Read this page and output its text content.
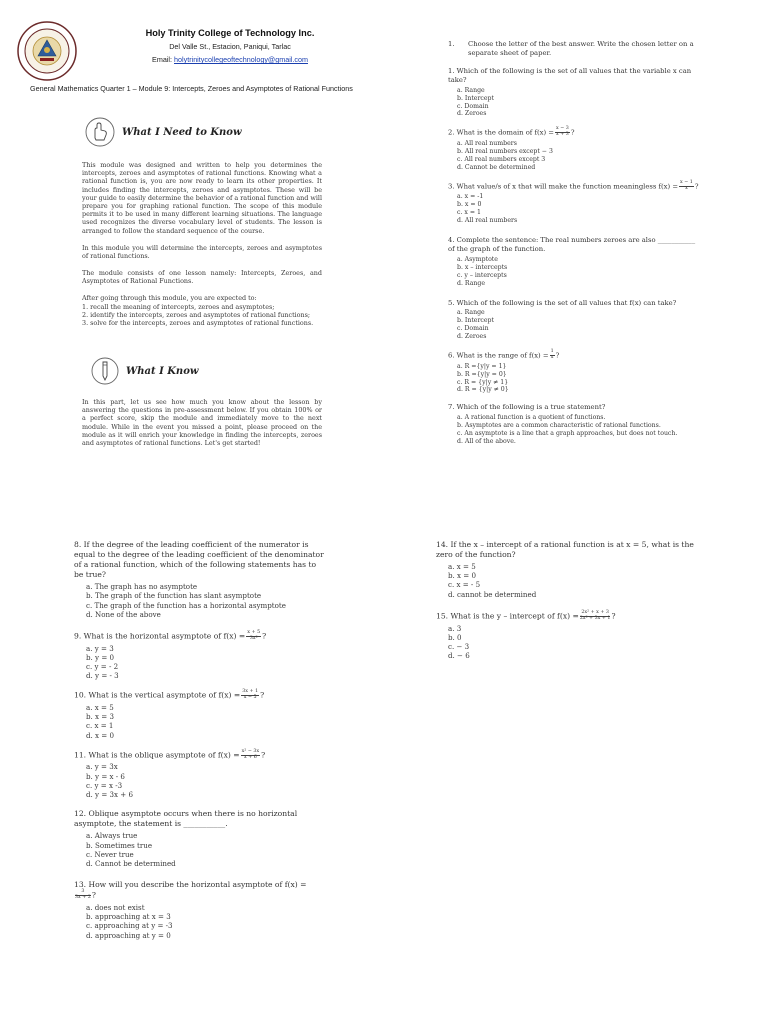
Holy Trinity College of Technology Inc.
Del Valle St., Estacion, Paniqui, Tarlac
Email: holytrinitycollegeoftechnology@gmail.com
General Mathematics Quarter 1 – Module 9: Intercepts, Zeroes and Asymptotes of Rational Functions
What I Need to Know

This module was designed and written to help you determines the intercepts, zeroes and asymptotes of rational functions. Knowing what a rational function is, you are now ready to learn its other properties. It includes finding the intercepts, zeroes and asymptotes. These will be your guide to easily determine the behavior of a rational function and will prepare you for graphing rational function. The scope of this module permits it to be used in many different learning situations. The language used recognizes the diverse vocabulary level of students. The lesson is arranged to follow the standard sequence of the course.

In this module you will determine the intercepts, zeroes and asymptotes of rational functions.

The module consists of one lesson namely: Intercepts, Zeroes, and Asymptotes of Rational Functions.

After going through this module, you are expected to:
1. recall the meaning of intercepts, zeroes and asymptotes;
2. identify the intercepts, zeroes and asymptotes of rational functions;
3. solve for the intercepts, zeroes and asymptotes of rational functions.
What I Know
In this part, let us see how much you know about the lesson by answering the questions in pre-assessment below. If you obtain 100% or a perfect score, skip the module and immediately move to the next module. While in the event you missed a point, please proceed on the module as it will enrich your knowledge in finding the intercepts, zeroes and asymptotes of rational functions. Let's get started!
1.	Choose the letter of the best answer. Write the chosen letter on a separate sheet of paper.
1. Which of the following is the set of all values that the variable x can take?
a. Range
b. Intercept
c. Domain
d. Zeroes
2. What is the domain of $f(x) = \frac{x - 3}{x + 3}$ ?
a. All real numbers
b. All real numbers except − 3
c. All real numbers except 3
d. Cannot be determined
3. What value/s of x that will make the function meaningless $f(x) = \frac{x - 1}{x}$ ?
a. x = -1
b. x = 0
c. x = 1
d. All real numbers
4. Complete the sentence: The real numbers zeroes are also ___________ of the graph of the function.
a. Asymptote
b. x – intercepts
c. y – intercepts
d. Range
5. Which of the following is the set of all values that f(x) can take?
a. Range
b. Intercept
c. Domain
d. Zeroes
6. What is the range of $f(x) = \frac{1}{x}$ ?
a. R ={y|y = 1}
b. R ={y|y = 0}
c. R = {y|y ≠ 1}
d. R = {y|y ≠ 0}
7. Which of the following is a true statement?
a. A rational function is a quotient of functions.
b. Asymptotes are a common characteristic of rational functions.
c. An asymptote is a line that a graph approaches, but does not touch.
d. All of the above.
8. If the degree of the leading coefficient of the numerator is equal to the degree of the leading coefficient of the denominator of a rational function, which of the following statements has to be true?
a. The graph has no asymptote
b. The graph of the function has slant asymptote
c. The graph of the function has a horizontal asymptote
d. None of the above
9. What is the horizontal asymptote of $f(x) = \frac{x + 5}{\text{3x²}}$ ?
a. y = 3
b. y = 0
c. y = - 2
d. y = - 3
10. What is the vertical asymptote of $f(x) = \frac{3x + 1}{x - 5}$ ?
a. x = 5
b. x = 3
c. x = 1
d. x = 0
11. What is the oblique asymptote of $f(x) = \frac{\text{x² − 3x}}{x + 6}$ ?
a. y = 3x
b. y = x - 6
c. y = x -3
d. y = 3x + 6
12. Oblique asymptote occurs when there is no horizontal asymptote, the statement is ___________.
a. Always true
b. Sometimes true
c. Never true
d. Cannot be determined
13. How will you describe the horizontal asymptote of f(x) =
$\frac{3}{3x + 2}$ ?
a. does not exist
b. approaching at x = 3
c. approaching at y = -3
d. approaching at y = 0
14. If the x – intercept of a rational function is at x = 5, what is the zero of the function?
a. x = 5
b. x = 0
c. x = - 5
d. cannot be determined
15. What is the y – intercept of $f(x) = \frac{\text{2x² + x + 3}}{\text{2x² + 3x + 1}}$ ?
a. 3
b. 0
c. − 3
d. − 6
